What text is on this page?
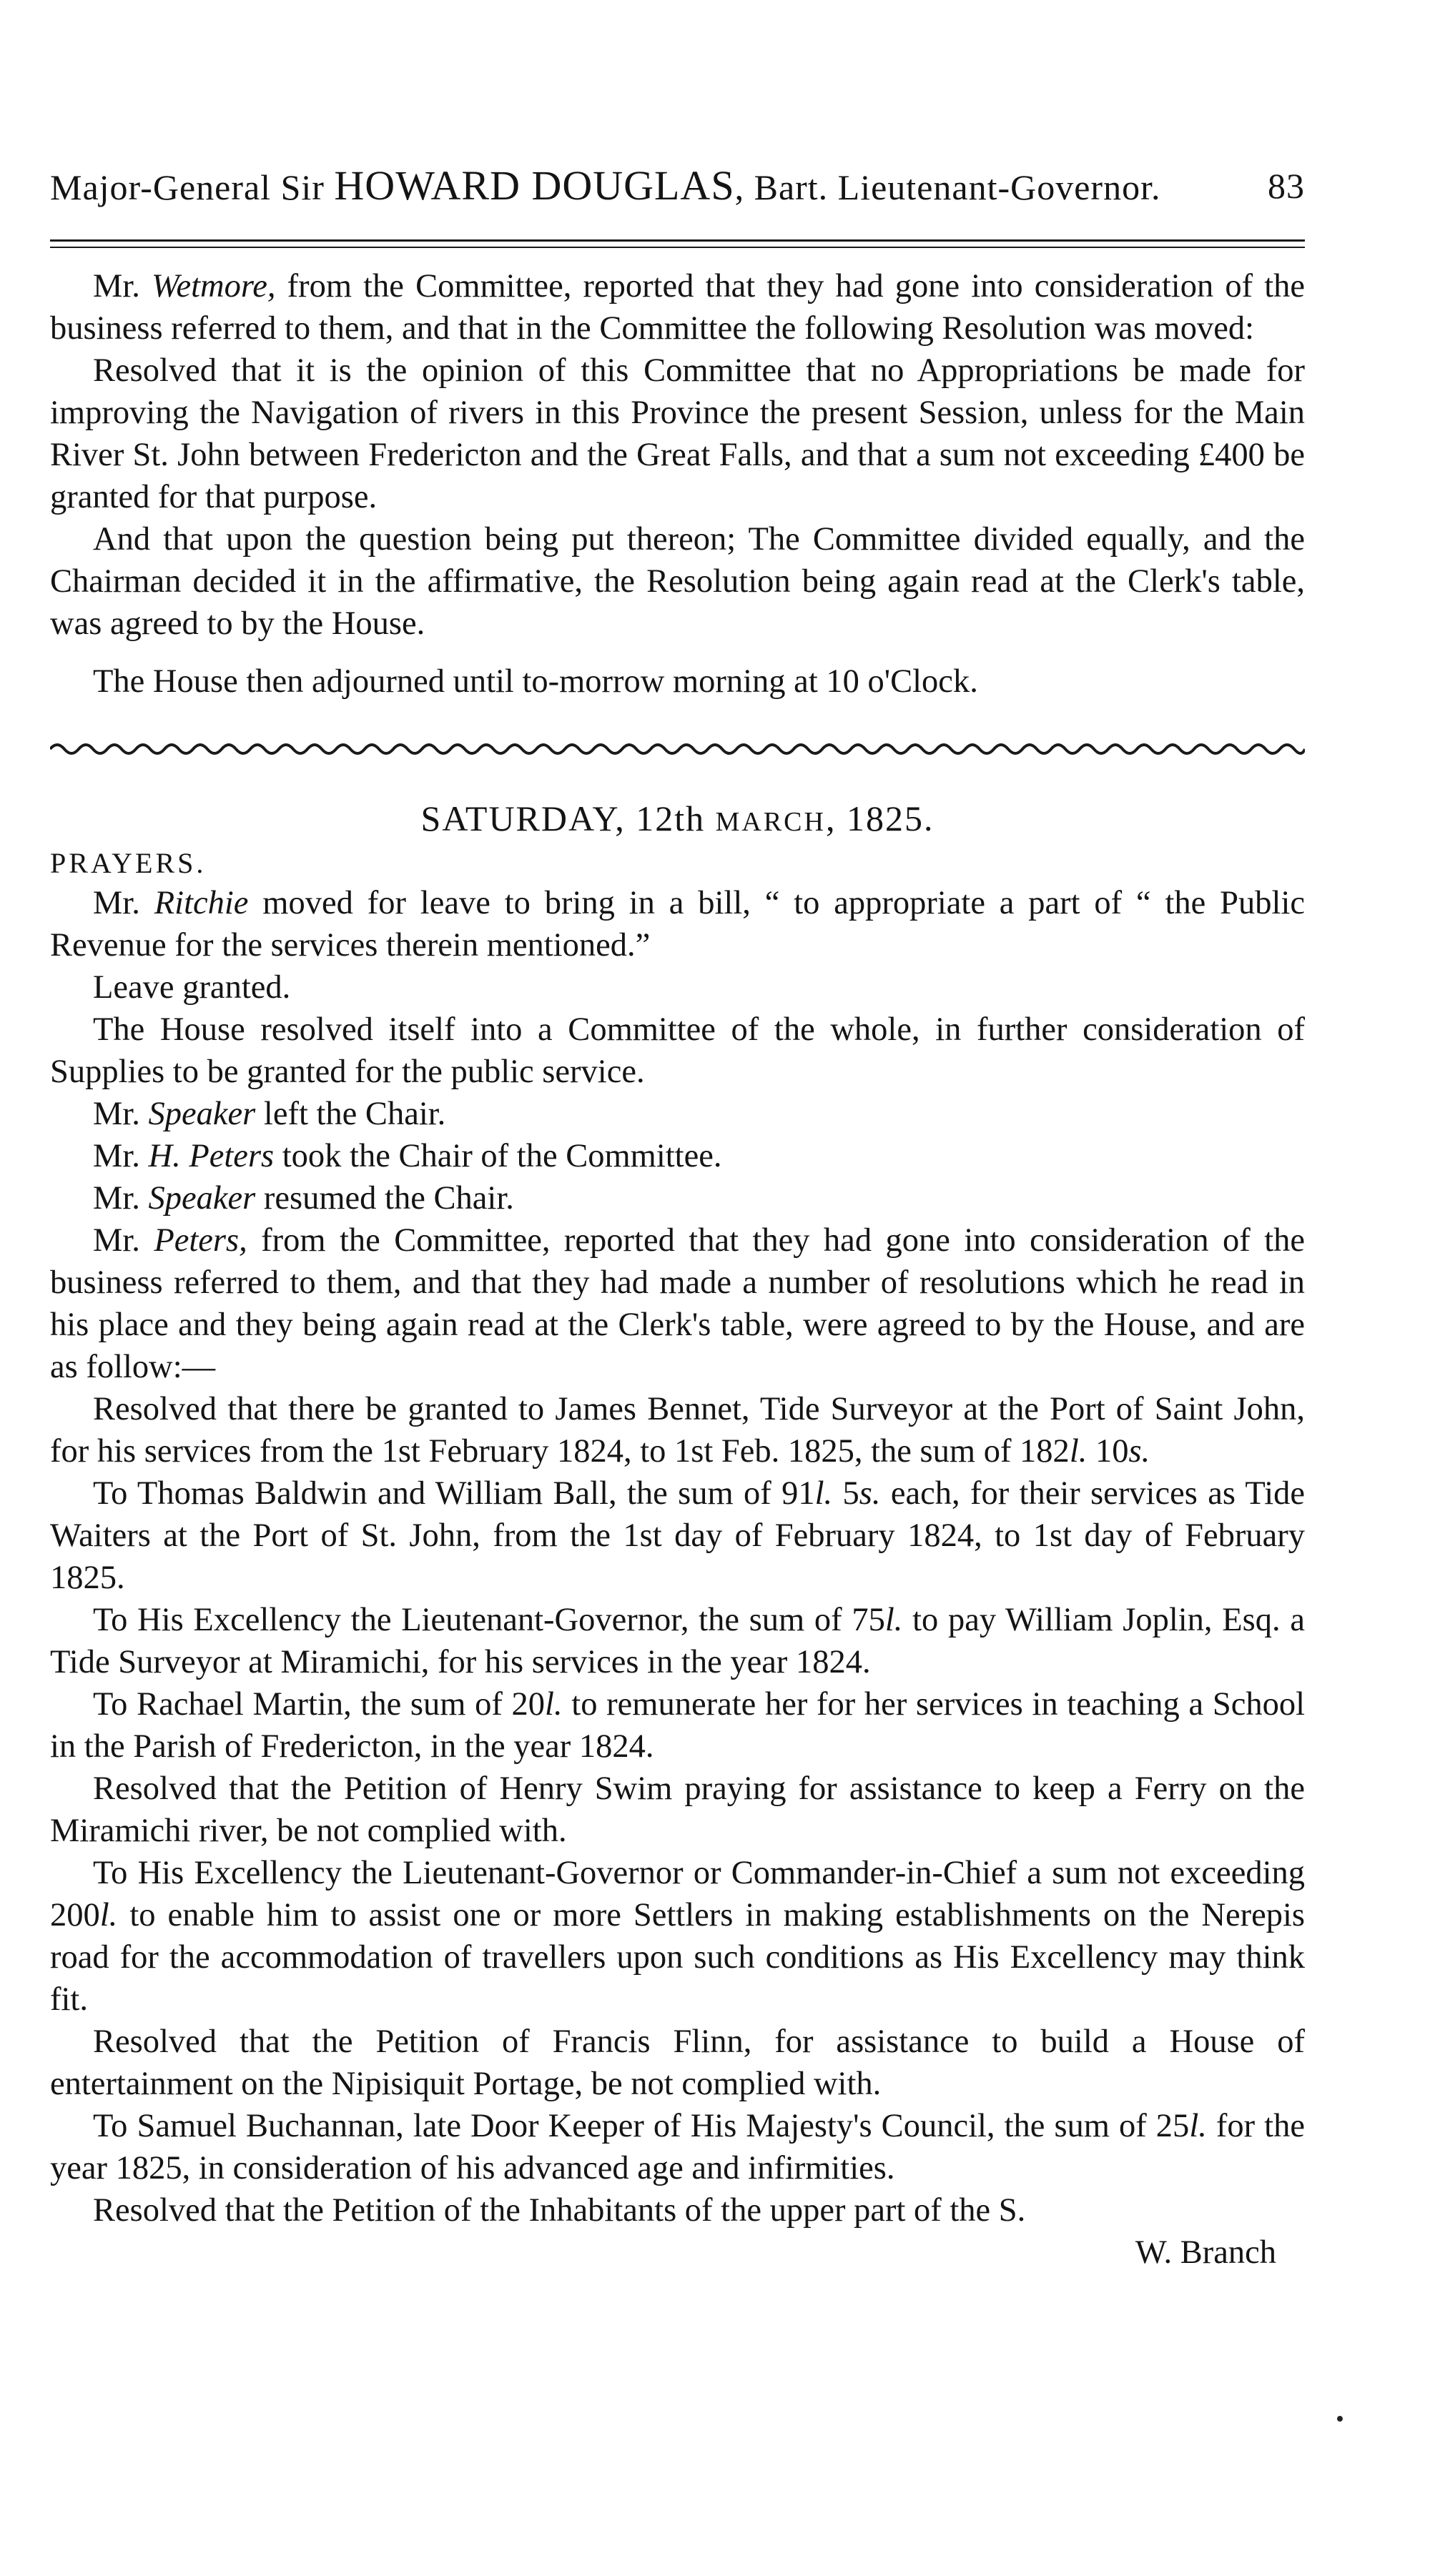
Major-General Sir HOWARD DOUGLAS, Bart. Lieutenant-Governor.	83

Mr. Wetmore, from the Committee, reported that they had gone into consideration of the business referred to them, and that in the Committee the following Resolution was moved:

Resolved that it is the opinion of this Committee that no Appropriations be made for improving the Navigation of rivers in this Province the present Session, unless for the Main River St. John between Fredericton and the Great Falls, and that a sum not exceeding £400 be granted for that purpose.

And that upon the question being put thereon; The Committee divided equally, and the Chairman decided it in the affirmative, the Resolution being again read at the Clerk's table, was agreed to by the House.

The House then adjourned until to-morrow morning at 10 o'Clock.

SATURDAY, 12th MARCH, 1825.
PRAYERS.

Mr. Ritchie moved for leave to bring in a bill, “ to appropriate a part of “ the Public Revenue for the services therein mentioned.”

Leave granted.

The House resolved itself into a Committee of the whole, in further consideration of Supplies to be granted for the public service.

Mr. Speaker left the Chair.

Mr. H. Peters took the Chair of the Committee.

Mr. Speaker resumed the Chair.

Mr. Peters, from the Committee, reported that they had gone into consideration of the business referred to them, and that they had made a number of resolutions which he read in his place and they being again read at the Clerk's table, were agreed to by the House, and are as follow:—

Resolved that there be granted to James Bennet, Tide Surveyor at the Port of Saint John, for his services from the 1st February 1824, to 1st Feb. 1825, the sum of 182l. 10s.

To Thomas Baldwin and William Ball, the sum of 91l. 5s. each, for their services as Tide Waiters at the Port of St. John, from the 1st day of February 1824, to 1st day of February 1825.

To His Excellency the Lieutenant-Governor, the sum of 75l. to pay William Joplin, Esq. a Tide Surveyor at Miramichi, for his services in the year 1824.

To Rachael Martin, the sum of 20l. to remunerate her for her services in teaching a School in the Parish of Fredericton, in the year 1824.

Resolved that the Petition of Henry Swim praying for assistance to keep a Ferry on the Miramichi river, be not complied with.

To His Excellency the Lieutenant-Governor or Commander-in-Chief a sum not exceeding 200l. to enable him to assist one or more Settlers in making establishments on the Nerepis road for the accommodation of travellers upon such conditions as His Excellency may think fit.

Resolved that the Petition of Francis Flinn, for assistance to build a House of entertainment on the Nipisiquit Portage, be not complied with.

To Samuel Buchannan, late Door Keeper of His Majesty's Council, the sum of 25l. for the year 1825, in consideration of his advanced age and infirmities.

Resolved that the Petition of the Inhabitants of the upper part of the S.

W. Branch
